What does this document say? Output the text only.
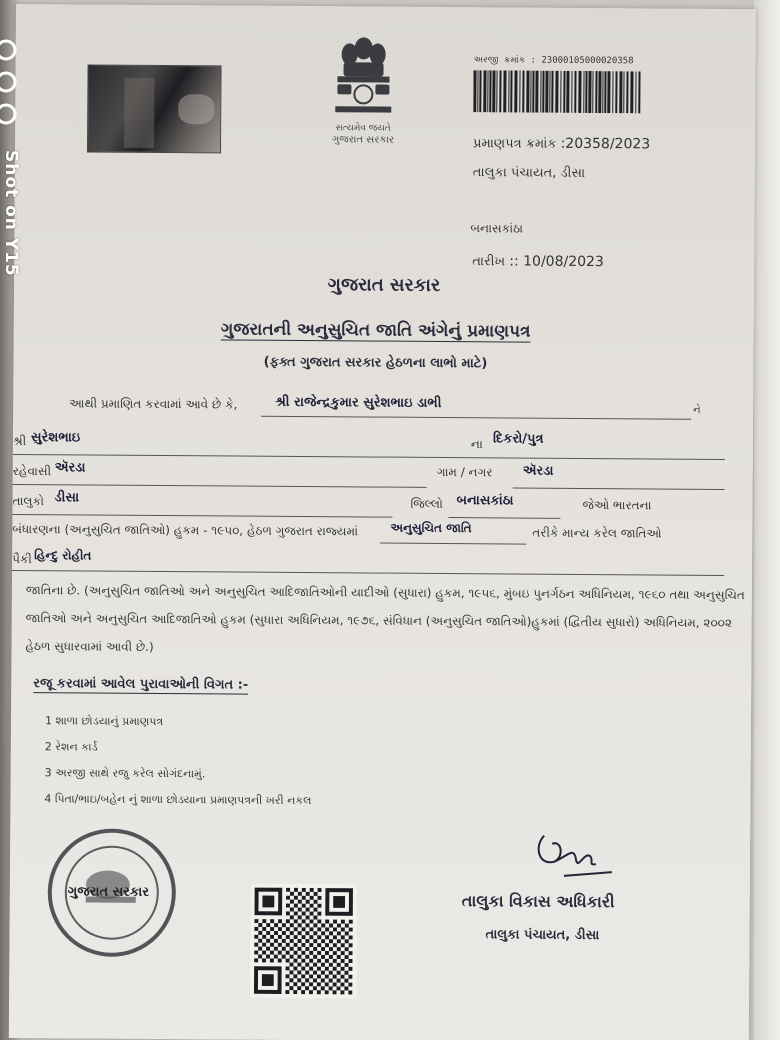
સત્યમેવ જયતે
ગુજરાત સરકાર
અરજી ક્રમાંક : 23000105000020358
પ્રમાણપત્ર ક્રમાંક :20358/2023
તાલુકા પંચાયત, ડીસા
બનાસકાંઠા
તારીખ :: 10/08/2023
ગુજરાત સરકાર
ગુજરાતની અનુસુચિત જાતિ અંગેનું પ્રમાણપત્ર
(ફક્ત ગુજરાત સરકાર હેઠળના લાભો માટે)
આથી પ્રમાણિત કરવામાં આવે છે કે,	શ્રી રાજેન્દ્રકુમાર સુરેશભાઇ ડાભી	ને
શ્રી સુરેશભાઇ	ના દિકરો/પુત્ર
રહેવાસી ઍરડા	ગામ / નગર ઍરડા
તાલુકો ડીસા	જિલ્લો બનાસકાંઠા	જેઓ ભારતના
બંધારણના (અનુસુચિત જાતિઓ) હુકમ - ૧૯૫૦, હેઠળ ગુજરાત રાજ્યમાં	અનુસુચિત જાતિ	તરીકે માન્ય કરેલ જાતિઓ
પૈકી હિન્દુ રોહીત
જાતિના છે. (અનુસુચિત જાતિઓ અને અનુસુચિત આદિજાતિઓની યાદીઓ (સુધારા) હુકમ, ૧૯૫૬, મુંબઇ પુનર્ગઠન અધિનિયમ, ૧૯૬૦ તથા અનુસુચિત જાતિઓ અને અનુસુચિત આદિજાતિઓ હુકમ (સુધારા અધિનિયમ, ૧૯૭૬, સંવિધાન (અનુસુચિત જાતિઓ)હુકમાં (દ્વિતીય સુધારો) અધિનિયમ, ૨૦૦૨ હેઠળ સુધારવામાં આવી છે.)
રજૂ કરવામાં આવેલ પુરાવાઓની વિગત :-
1 શાળા છોડયાનું પ્રમાણપત્ર
2 રેશન કાર્ડ
3 અરજી સાથે રજુ કરેલ સોગંદનામું.
4 પિતા/ભાઇ/બહેન નું શાળા છોડયાના પ્રમાણપત્રની ખરી નકલ
ગુજરાત સરકાર	તાલુકા વિકાસ અધિકારી
તાલુકા પંચાયત, ડીસા
Shot on Y15
